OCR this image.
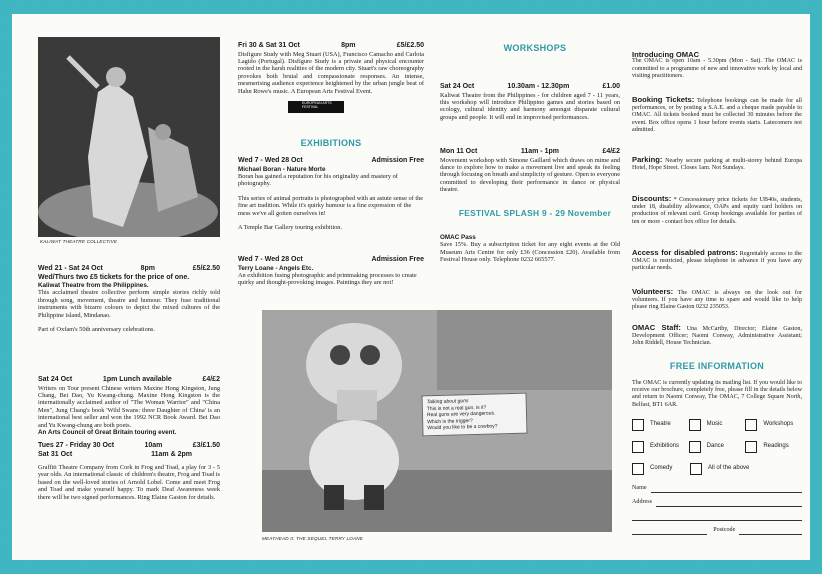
KALIWAT THEATRE COLLECTIVE
Wed 21 - Sat 24 Oct	8pm	£5/£2.50
Wed/Thurs two £5 tickets for the price of one.

Kaliwat Theatre from the Philippines.

This acclaimed theatre collective perform simple stories richly told through song, movement, theatre and humour. They fuse traditional instruments with bizarre colours to depict the mixed cultures of the Philippine island, Mindanao.

Part of Oxfam's 50th anniversary celebrations.

Sat 24 Oct	1pm Lunch available	£4/£2

Writers on Tour present Chinese writers Maxine Hong Kingston, Jung Chang, Bei Dao, Yu Kwang-chung. Maxine Hong Kingston is the internationally acclaimed author of "The Woman Warrior" and "China Men", Jung Chang's book 'Wild Swans: three Daughter of China' is an international best seller and won the 1992 NCR Book Award. Bei Dao and Yu Kwang-chung are both poets.

An Arts Council of Great Britain touring event.

Tues 27 - Friday 30 Oct	10am	£3/£1.50
Sat 31 Oct	11am & 2pm

Graffiti Theatre Company from Cork in Frog and Toad, a play for 3 - 5 year olds. An international classic of children's theatre, Frog and Toad is based on the well-loved stories of Arnold Lobel. Come and meet Frog and Toad and make yourself happy. To mark Deaf Awareness week there will be two signed performances. Ring Elaine Gaston for details.

Fri 30 & Sat 31 Oct	8pm	£5/£2.50

Disfigure Study with Meg Stuart (USA), Francisco Camacho and Carlota Lagido (Portugal). Disfigure Study is a private and physical encounter rooted in the harsh realities of the modern city. Stuart's raw choreography provokes both brutal and compassionate responses. An intense, mesmerising audience experience heightened by the urban jungle beat of Hahn Rowe's music. A European Arts Festival Event.

EUROPEAN ARTS FESTIVAL
EXHIBITIONS
Wed 7 - Wed 28 Oct	Admission Free

Michael Boran - Nature Morte

Boran has gained a reputation for his originality and mastery of photography.

This series of animal portraits is photographed with an astute sense of the fine art tradition. While it's quirky humour is a fine expression of the mess we've all gotten ourselves in!

A Temple Bar Gallery touring exhibition.

Wed 7 - Wed 28 Oct	Admission Free

Terry Loane - Angels Etc.

An exhibition fusing photographic and printmaking processes to create quirky and thought-provoking images. Paintings they are not!

Talking about guns
This is not a real gun, is it?
Real guns are very dangerous.
Which is the trigger?
Would you like to be a cowboy?
MEATHEAD II: THE SEQUEL TERRY LOANE
WORKSHOPS
Sat 24 Oct	10.30am - 12.30pm	£1.00

Kaliwat Theatre from the Philippines - for children aged 7 - 11 years, this workshop will introduce Philippino games and stories based on ecology, cultural identity and harmony amongst disparate cultural groups and people. It will end in improvised performances.

Mon 11 Oct	11am - 1pm	£4/£2

Movement workshop with Simone Gaillard which draws on mime and dance to explore how to make a movement live and speak its feeling through focusing on breath and simplicity of gesture. Open to everyone committed to developing their performance in dance or physical theatre.

FESTIVAL SPLASH 9 - 29 November

OMAC Pass

Save 15%. Buy a subscription ticket for any eight events at the Old Museum Arts Centre for only £36 (Concession £20). Available from Festival House only. Telephone 0232 665577.

Introducing OMAC

The OMAC is open 10am - 5.30pm (Mon - Sat). The OMAC is committed to a programme of new and innovative work by local and visiting practitioners.

Booking Tickets: Telephone bookings can be made for all performances, or by posting a S.A.E. and a cheque made payable to OMAC. All tickets booked must be collected 30 minutes before the event. Box office opens 1 hour before events starts. Latecomers not admitted.

Parking: Nearby secure parking at multi-storey behind Europa Hotel, Hope Street. Closes 1am. Not Sundays.

Discounts: * Concessionary price tickets for UB40s, students, under 18, disability allowance, OAPs and equity card holders on production of relevant card. Group bookings available for parties of ten or more - contact box office for details.

Access for disabled patrons: Regrettably access to the OMAC is restricted, please telephone in advance if you have any particular needs.

Volunteers: The OMAC is always on the look out for volunteers. If you have any time to spare and would like to help please ring Elaine Gaston 0232 235053.

OMAC Staff: Una McCarthy, Director; Elaine Gaston, Development Officer; Naomi Conway, Administrative Assistant; John Riddell, House Technician.

FREE INFORMATION

The OMAC is currently updating its mailing list. If you would like to receive our brochure, completely free, please fill in the details below and return to Naomi Conway, The OMAC, 7 College Square North, Belfast, BT1 6AR.

Theatre	Music	Workshops
Exhibitions	Dance	Readings
Comedy	All of the above
Name
Address
Postcode
